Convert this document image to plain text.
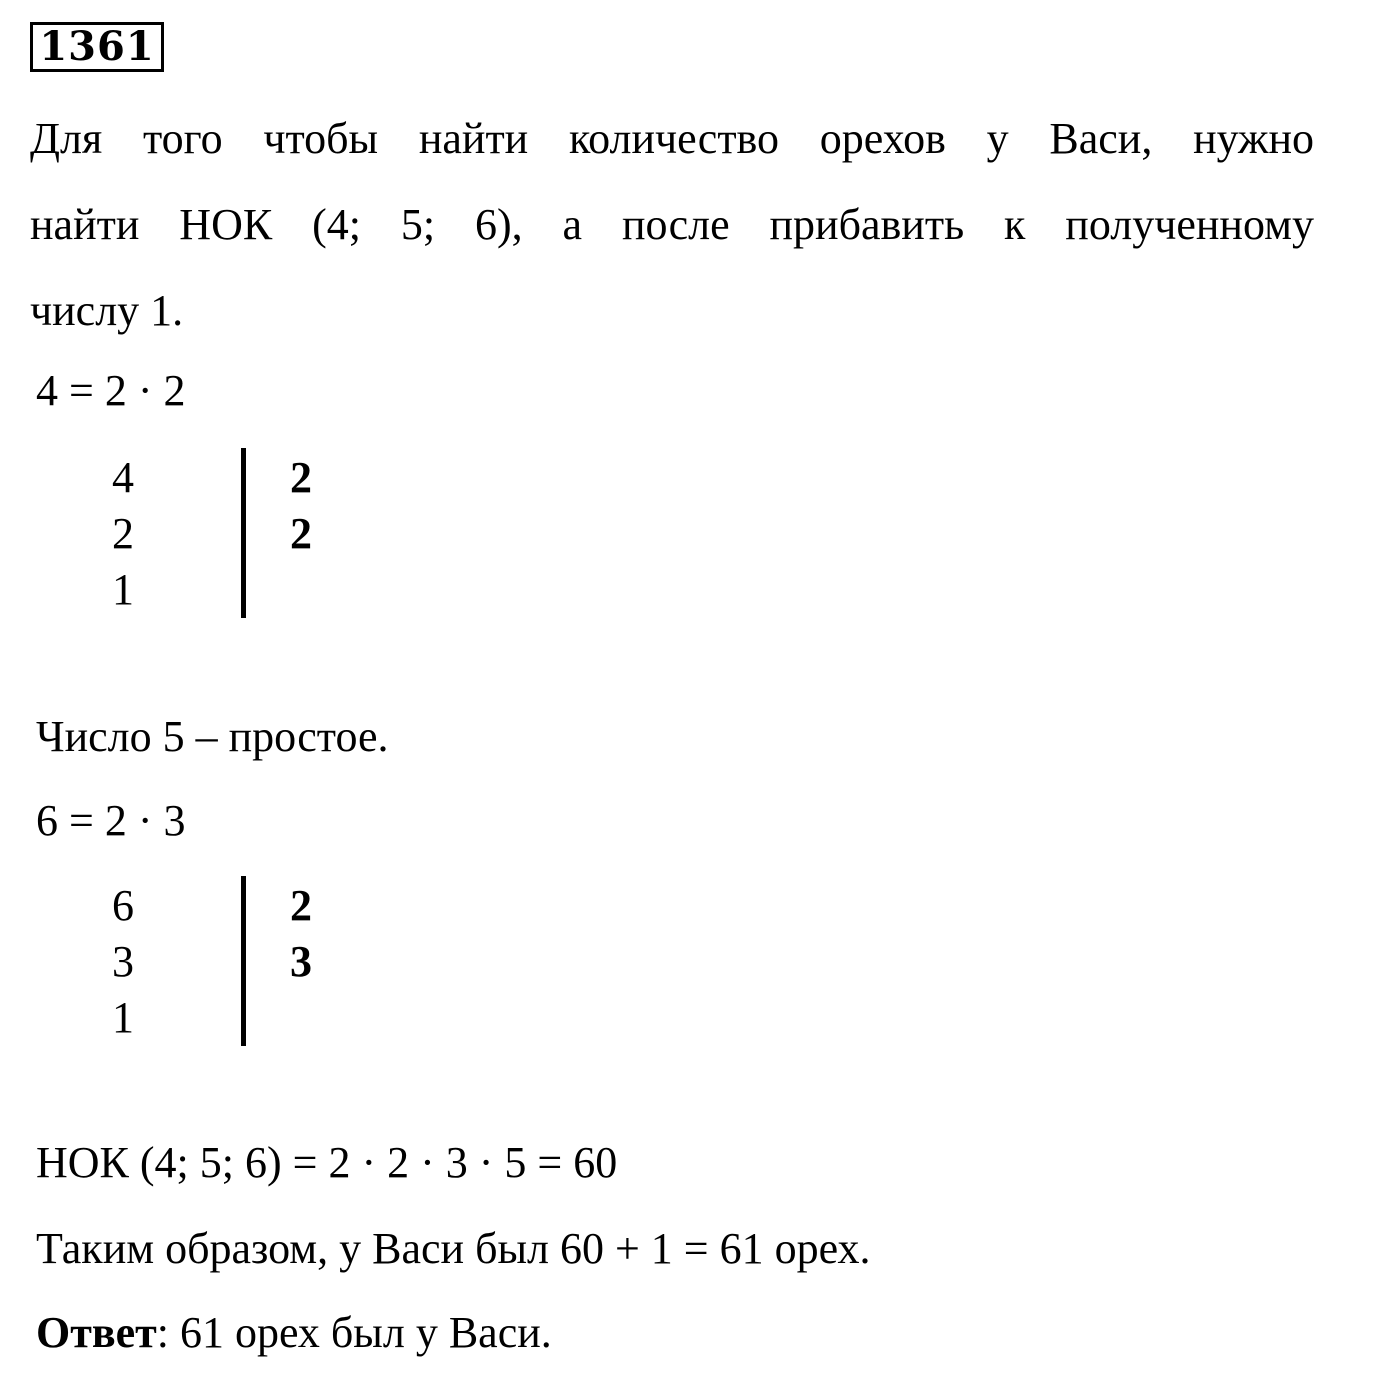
1361
Для того чтобы найти количество орехов у Васи, нужно
найти НОК (4; 5; 6), а после прибавить к полученному
числу 1.
4 = 2 · 2
4
2
1
2
2
Число 5 – простое.
6 = 2 · 3
6
3
1
2
3
НОК (4; 5; 6) = 2 · 2 · 3 · 5 = 60
Таким образом, у Васи был 60 + 1 = 61 орех.
Ответ: 61 орех был у Васи.
